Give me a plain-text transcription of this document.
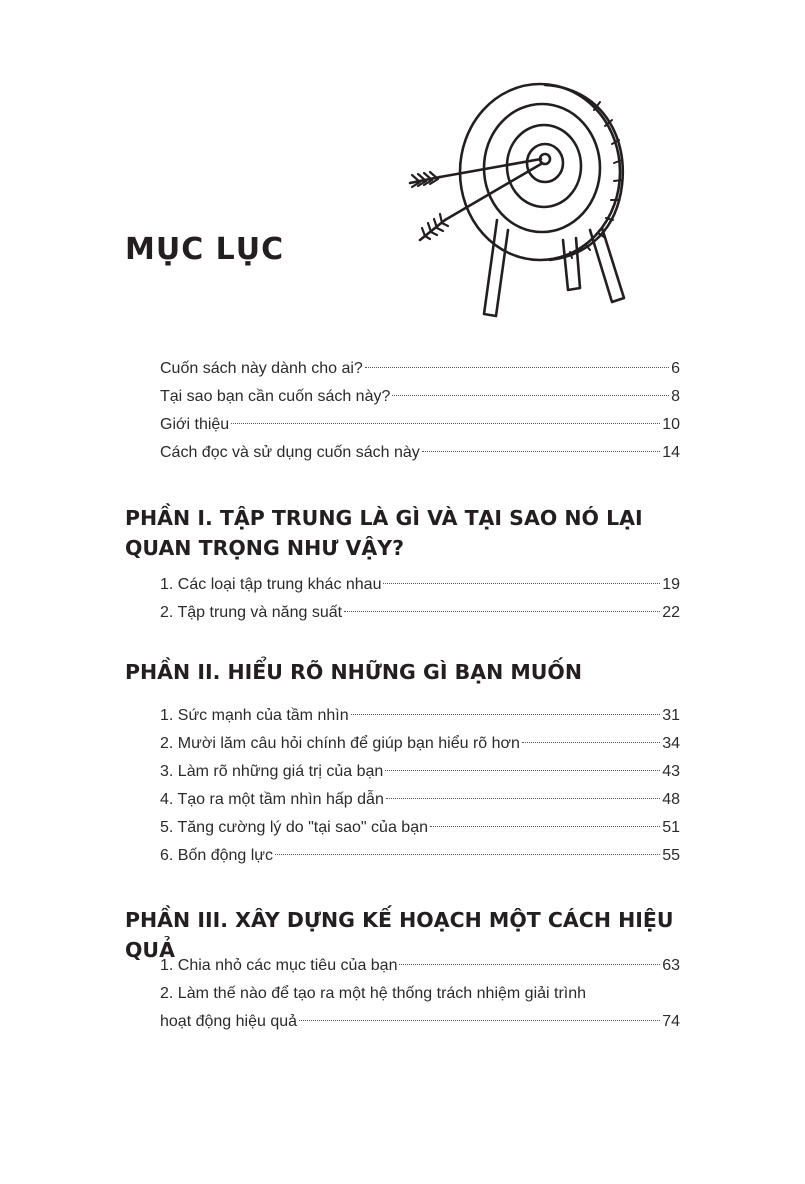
MỤC LỤC
Cuốn sách này dành cho ai?	6
Tại sao bạn cần cuốn sách này?	8
Giới thiệu	10
Cách đọc và sử dụng cuốn sách này	14
PHẦN I. TẬP TRUNG LÀ GÌ VÀ TẠI SAO NÓ LẠI
QUAN TRỌNG NHƯ VẬY?
1. Các loại tập trung khác nhau	19
2. Tập trung và năng suất	22
PHẦN II. HIỂU RÕ NHỮNG GÌ BẠN MUỐN
1. Sức mạnh của tầm nhìn	31
2. Mười lăm câu hỏi chính để giúp bạn hiểu rõ hơn	34
3. Làm rõ những giá trị của bạn	43
4. Tạo ra một tầm nhìn hấp dẫn	48
5. Tăng cường lý do "tại sao" của bạn	51
6. Bốn động lực	55
PHẦN III. XÂY DỰNG KẾ HOẠCH MỘT CÁCH HIỆU QUẢ
1. Chia nhỏ các mục tiêu của bạn	63
2. Làm thế nào để tạo ra một hệ thống trách nhiệm giải trình
hoạt động hiệu quả	74
